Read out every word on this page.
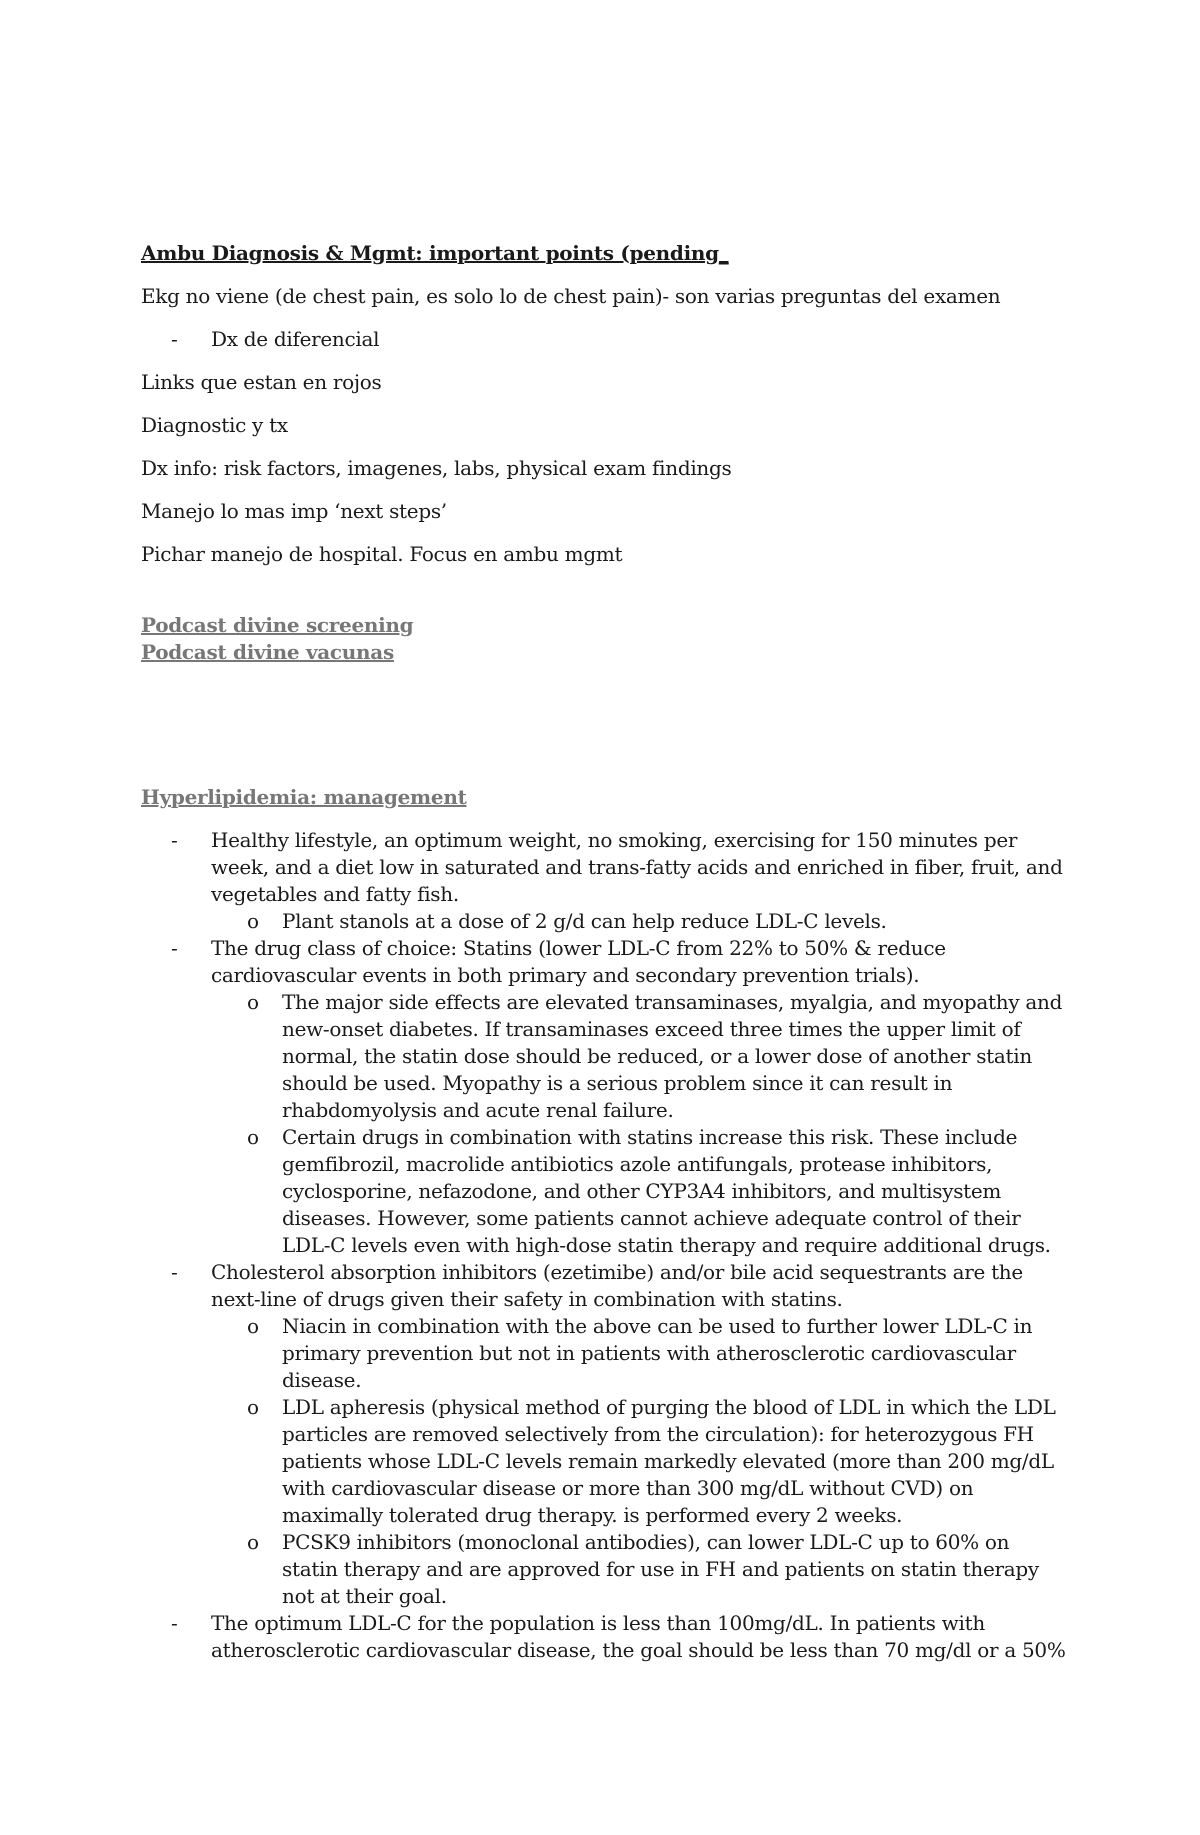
Ambu Diagnosis & Mgmt: important points (pending_

Ekg no viene (de chest pain, es solo lo de chest pain)- son varias preguntas del examen

- Dx de diferencial

Links que estan en rojos

Diagnostic y tx

Dx info: risk factors, imagenes, labs, physical exam findings

Manejo lo mas imp ‘next steps’

Pichar manejo de hospital. Focus en ambu mgmt

Podcast divine screening

Podcast divine vacunas

Hyperlipidemia: management

- Healthy lifestyle, an optimum weight, no smoking, exercising for 150 minutes per week, and a diet low in saturated and trans-fatty acids and enriched in fiber, fruit, and vegetables and fatty fish.
o Plant stanols at a dose of 2 g/d can help reduce LDL-C levels.
- The drug class of choice: Statins (lower LDL-C from 22% to 50% & reduce cardiovascular events in both primary and secondary prevention trials).
o The major side effects are elevated transaminases, myalgia, and myopathy and new-onset diabetes. If transaminases exceed three times the upper limit of normal, the statin dose should be reduced, or a lower dose of another statin should be used. Myopathy is a serious problem since it can result in rhabdomyolysis and acute renal failure.
o Certain drugs in combination with statins increase this risk. These include gemfibrozil, macrolide antibiotics azole antifungals, protease inhibitors, cyclosporine, nefazodone, and other CYP3A4 inhibitors, and multisystem diseases. However, some patients cannot achieve adequate control of their LDL-C levels even with high-dose statin therapy and require additional drugs.
- Cholesterol absorption inhibitors (ezetimibe) and/or bile acid sequestrants are the next-line of drugs given their safety in combination with statins.
o Niacin in combination with the above can be used to further lower LDL-C in primary prevention but not in patients with atherosclerotic cardiovascular disease.
o LDL apheresis (physical method of purging the blood of LDL in which the LDL particles are removed selectively from the circulation): for heterozygous FH patients whose LDL-C levels remain markedly elevated (more than 200 mg/dL with cardiovascular disease or more than 300 mg/dL without CVD) on maximally tolerated drug therapy. is performed every 2 weeks.
o PCSK9 inhibitors (monoclonal antibodies), can lower LDL-C up to 60% on statin therapy and are approved for use in FH and patients on statin therapy not at their goal.
- The optimum LDL-C for the population is less than 100mg/dL. In patients with atherosclerotic cardiovascular disease, the goal should be less than 70 mg/dl or a 50%
